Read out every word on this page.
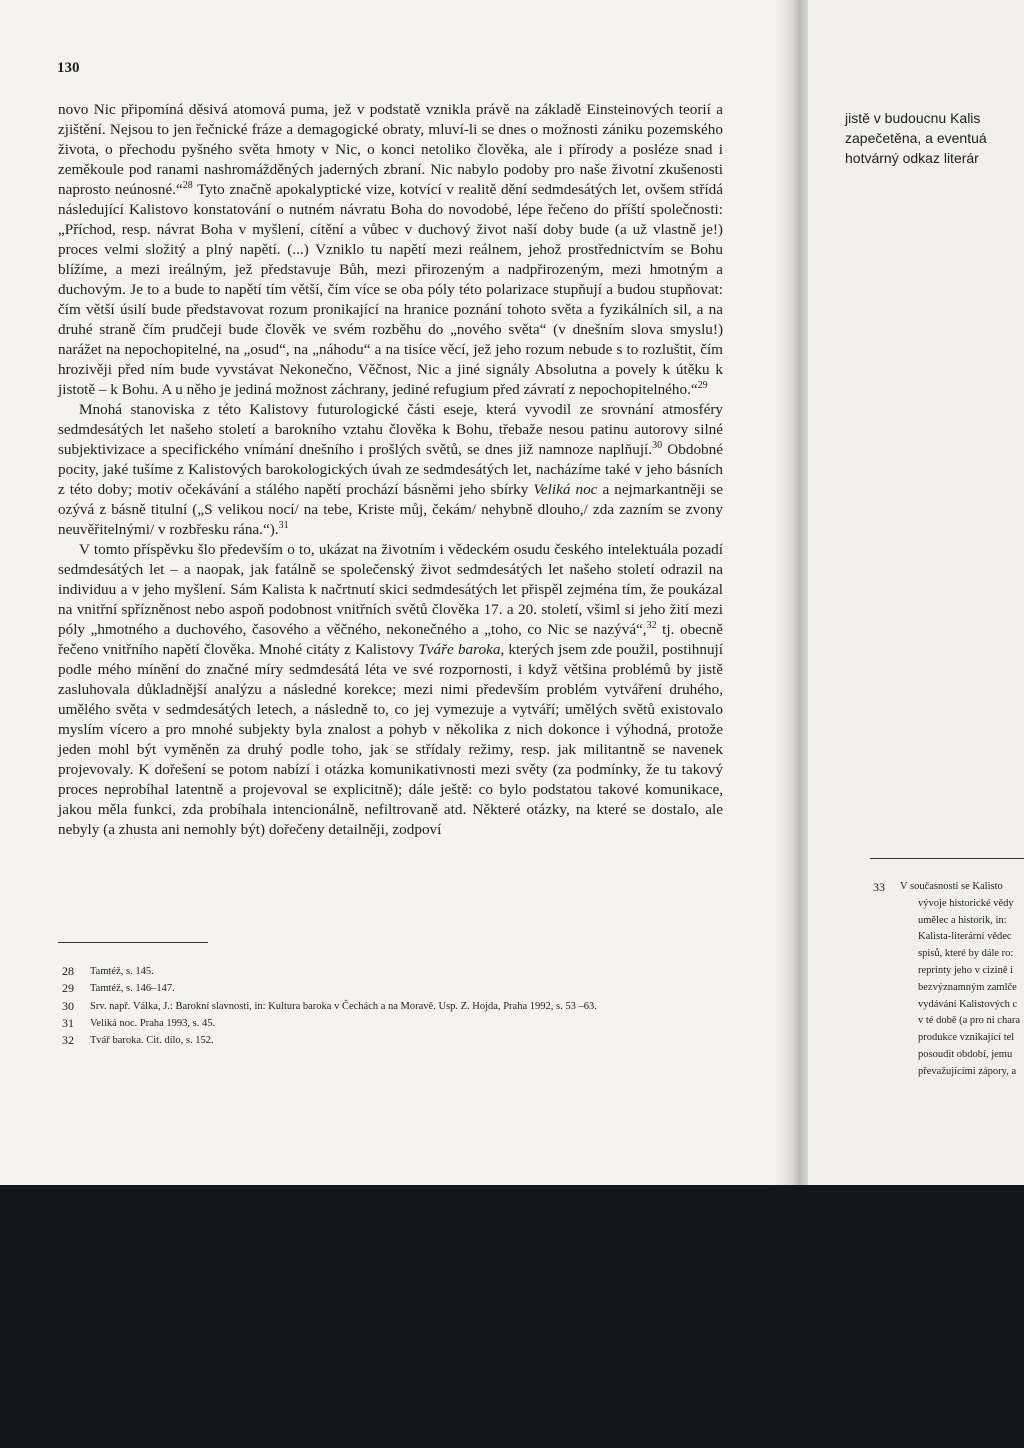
130

novo Nic připomíná děsivá atomová puma, jež v podstatě vznikla právě na základě Einsteinových teorií a zjištění. Nejsou to jen řečnické fráze a demagogické obraty, mluví-li se dnes o možnosti zániku pozemského života, o přechodu pyšného světa hmoty v Nic, o konci netoliko člověka, ale i přírody a posléze snad i zeměkoule pod ranami nashromážděných jaderných zbraní. Nic nabylo podoby pro naše životní zkušenosti naprosto neúnosné.“$^{28}$ Tyto značně apokalyptické vize, kotvící v realitě dění sedmdesátých let, ovšem střídá následující Kalistovo konstatování o nutném návratu Boha do novodobé, lépe řečeno do příští společnosti: „Příchod, resp. návrat Boha v myšlení, cítění a vůbec v duchový život naší doby bude (a už vlastně je!) proces velmi složitý a plný napětí. (...) Vzniklo tu napětí mezi reálnem, jehož prostřednictvím se Bohu blížíme, a mezi ireálným, jež představuje Bůh, mezi přirozeným a nadpřirozeným, mezi hmotným a duchovým. Je to a bude to napětí tím větší, čím více se oba póly této polarizace stupňují a budou stupňovat: čím větší úsilí bude představovat rozum pronikající na hranice poznání tohoto světa a fyzikálních sil, a na druhé straně čím prudčeji bude člověk ve svém rozběhu do „nového světa“ (v dnešním slova smyslu!) narážet na nepochopitelné, na „osud“, na „náhodu“ a na tisíce věcí, jež jeho rozum nebude s to rozluštit, čím hrozivěji před ním bude vyvstávat Nekonečno, Věčnost, Nic a jiné signály Absolutna a povely k útěku k jistotě – k Bohu. A u něho je jediná možnost záchrany, jediné refugium před závratí z nepochopitelného.“$^{29}$

Mnohá stanoviska z této Kalistovy futurologické části eseje, která vyvodil ze srovnání atmosféry sedmdesátých let našeho století a barokního vztahu člověka k Bohu, třebaže nesou patinu autorovy silné subjektivizace a specifického vnímání dnešního i prošlých světů, se dnes již namnoze naplňují.$^{30}$ Obdobné pocity, jaké tušíme z Kalistových barokologických úvah ze sedmdesátých let, nacházíme také v jeho básních z této doby; motiv očekávání a stálého napětí prochází básněmi jeho sbírky Veliká noc a nejmarkantněji se ozývá z básně titulní („S velikou nocí/ na tebe, Kriste můj, čekám/ nehybně dlouho,/ zda zazním se zvony neuvěřitelnými/ v rozbřesku rána.“).$^{31}$

V tomto příspěvku šlo především o to, ukázat na životním i vědeckém osudu českého intelektuála pozadí sedmdesátých let – a naopak, jak fatálně se společenský život sedmdesátých let našeho století odrazil na individuu a v jeho myšlení. Sám Kalista k načrtnutí skici sedmdesátých let přispěl zejména tím, že poukázal na vnitřní spřízněnost nebo aspoň podobnost vnitřních světů člověka 17. a 20. století, všiml si jeho žití mezi póly „hmotného a duchového, časového a věčného, nekonečného a „toho, co Nic se nazývá“,$^{32}$ tj. obecně řečeno vnitřního napětí člověka. Mnohé citáty z Kalistovy Tváře baroka, kterých jsem zde použil, postihnují podle mého mínění do značné míry sedmdesátá léta ve své rozpornosti, i když většina problémů by jistě zasluhovala důkladnější analýzu a následné korekce; mezi nimi především problém vytváření druhého, umělého světa v sedmdesátých letech, a následně to, co jej vymezuje a vytváří; umělých světů existovalo myslím vícero a pro mnohé subjekty byla znalost a pohyb v několika z nich dokonce i výhodná, protože jeden mohl být vyměněn za druhý podle toho, jak se střídaly režimy, resp. jak militantně se navenek projevovaly. K dořešení se potom nabízí i otázka komunikativnosti mezi světy (za podmínky, že tu takový proces neprobíhal latentně a projevoval se explicitně); dále ještě: co bylo podstatou takové komunikace, jakou měla funkci, zda probíhala intencionálně, nefiltrovaně atd. Některé otázky, na které se dostalo, ale nebyly (a zhusta ani nemohly být) dořečeny detailněji, zodpoví

28	Tamtéž, s. 145.
29	Tamtéž, s. 146–147.
30	Srv. např. Válka, J.: Barokní slavnosti, in: Kultura baroka v Čechách a na Moravě. Usp. Z. Hojda, Praha 1992, s. 53 –63.
31	Veliká noc. Praha 1993, s. 45.
32	Tvář baroka. Cit. dílo, s. 152.
jistě v budoucnu Kalis
zapečetěna, a eventuá
hotvárný odkaz literár
33 V současnosti se Kalisto
vývoje historické vědy
umělec a historik, in:
Kalista-literární vědec
spisů, které by dále ro:
reprinty jeho v cizině i
bezvýznamným zamlče
vydávání Kalistových c
v té době (a pro ni chara
produkce vznikající tel
posoudit období, jemu
převažujícími zápory, a
